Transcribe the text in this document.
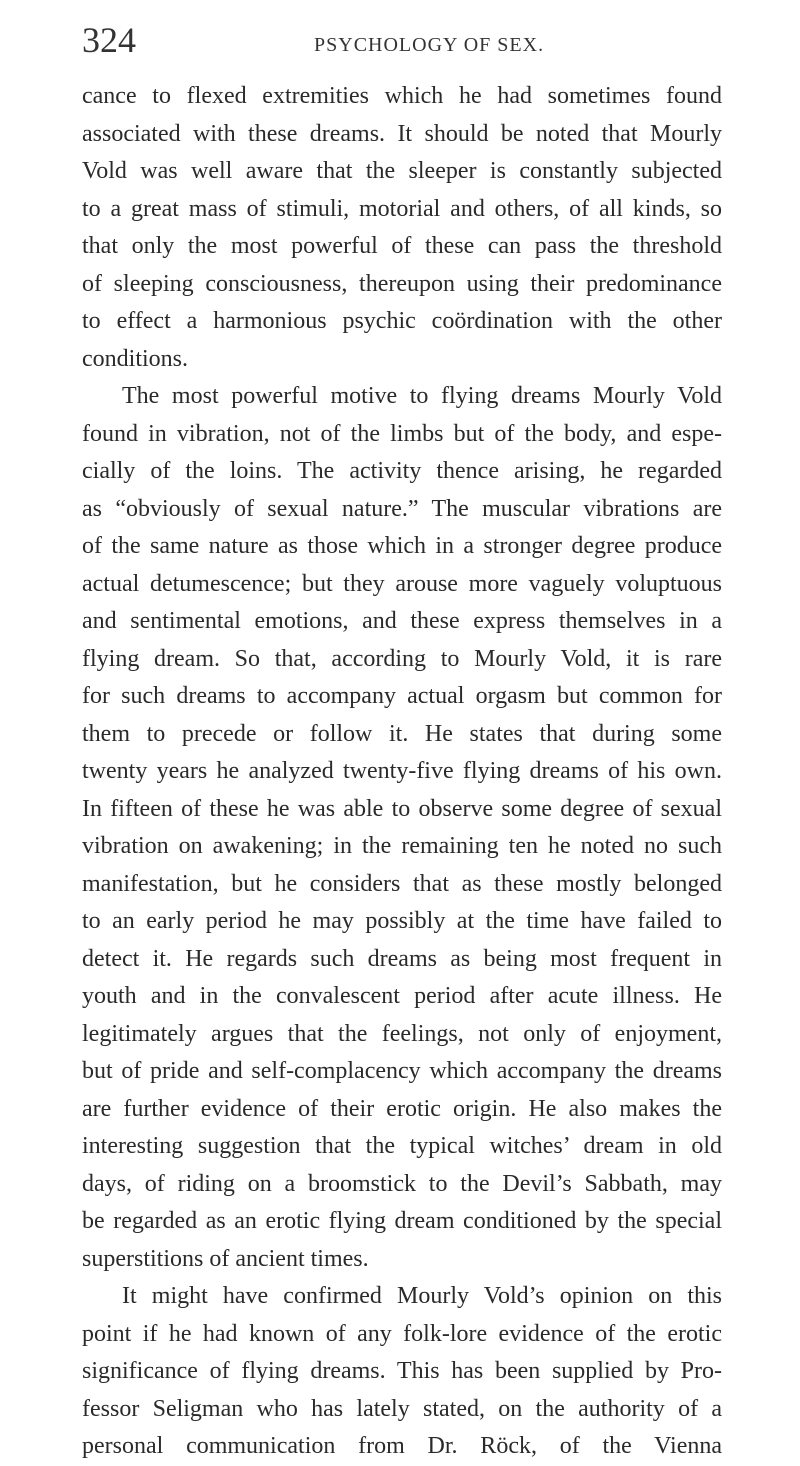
324	PSYCHOLOGY OF SEX.
cance to flexed extremities which he had sometimes found
associated with these dreams. It should be noted that Mourly
Vold was well aware that the sleeper is constantly subjected
to a great mass of stimuli, motorial and others, of all kinds, so
that only the most powerful of these can pass the threshold
of sleeping consciousness, thereupon using their predominance
to effect a harmonious psychic coördination with the other
conditions.
The most powerful motive to flying dreams Mourly Vold
found in vibration, not of the limbs but of the body, and espe-
cially of the loins. The activity thence arising, he regarded
as “obviously of sexual nature.” The muscular vibrations are
of the same nature as those which in a stronger degree produce
actual detumescence; but they arouse more vaguely voluptuous
and sentimental emotions, and these express themselves in a
flying dream. So that, according to Mourly Vold, it is rare
for such dreams to accompany actual orgasm but common for
them to precede or follow it. He states that during some
twenty years he analyzed twenty-five flying dreams of his own.
In fifteen of these he was able to observe some degree of sexual
vibration on awakening; in the remaining ten he noted no such
manifestation, but he considers that as these mostly belonged
to an early period he may possibly at the time have failed to
detect it. He regards such dreams as being most frequent in
youth and in the convalescent period after acute illness. He
legitimately argues that the feelings, not only of enjoyment,
but of pride and self-complacency which accompany the dreams
are further evidence of their erotic origin. He also makes the
interesting suggestion that the typical witches’ dream in old
days, of riding on a broomstick to the Devil’s Sabbath, may
be regarded as an erotic flying dream conditioned by the special
superstitions of ancient times.
It might have confirmed Mourly Vold’s opinion on this
point if he had known of any folk-lore evidence of the erotic
significance of flying dreams. This has been supplied by Pro-
fessor Seligman who has lately stated, on the authority of a
personal communication from Dr. Röck, of the Vienna
